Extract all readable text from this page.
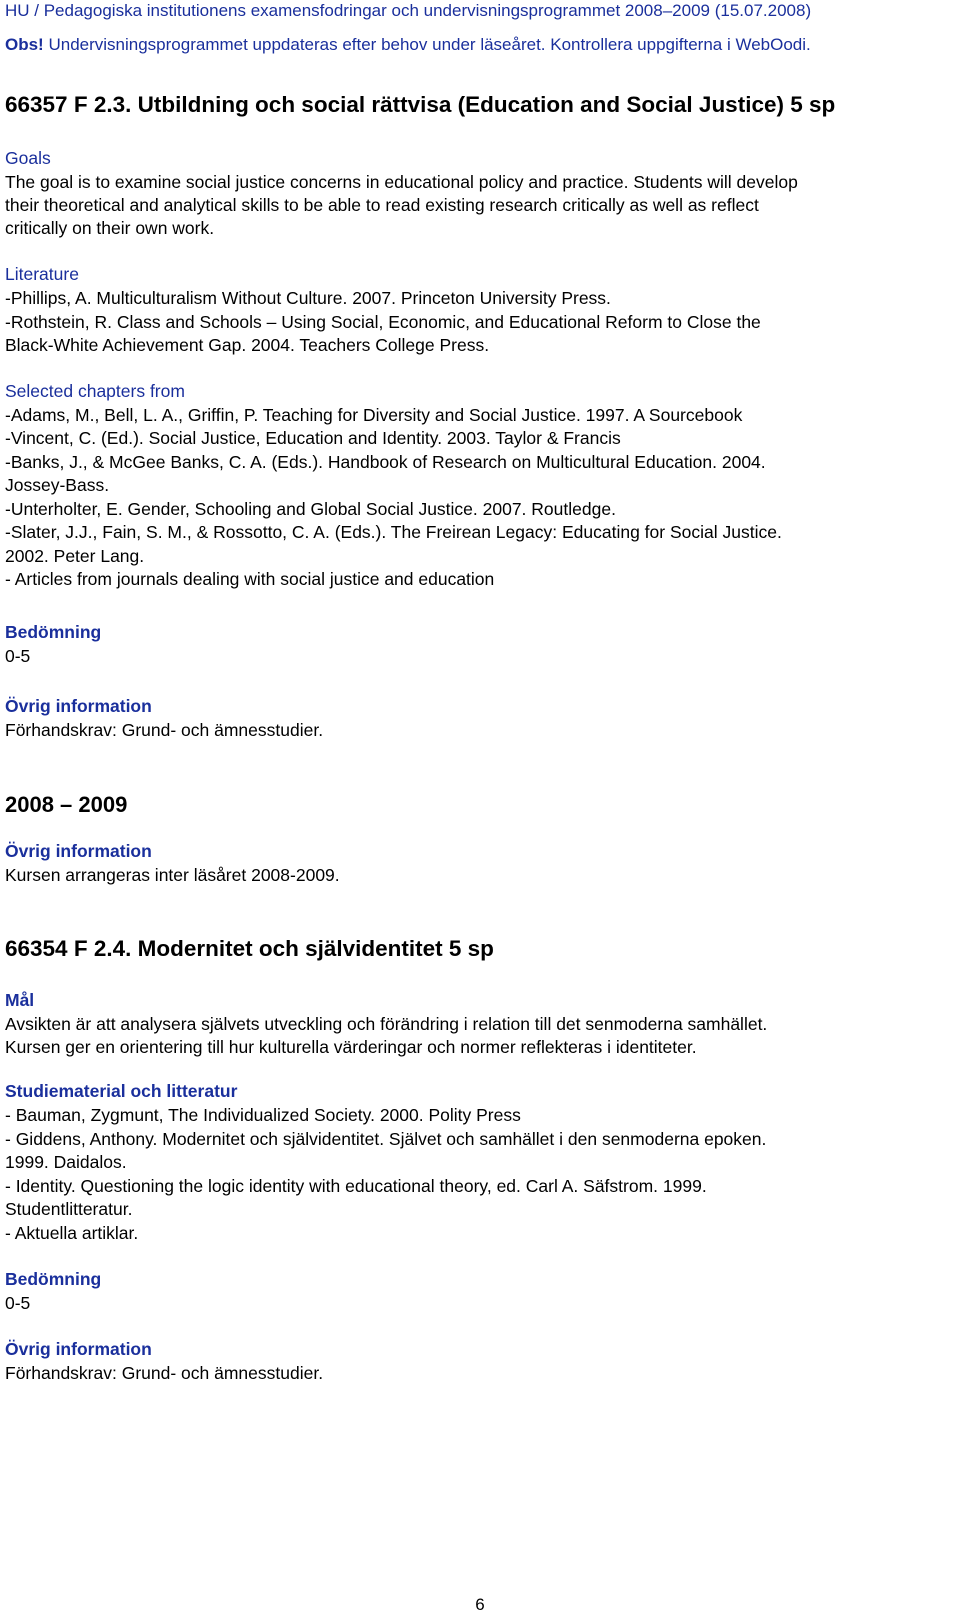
HU / Pedagogiska institutionens examensfodringar och undervisningsprogrammet 2008–2009 (15.07.2008)
Obs! Undervisningsprogrammet uppdateras efter behov under läseåret. Kontrollera uppgifterna i WebOodi.
66357 F 2.3. Utbildning och social rättvisa (Education and Social Justice) 5 sp
Goals
The goal is to examine social justice concerns in educational policy and practice. Students will develop
their theoretical and analytical skills to be able to read existing research critically as well as reflect
critically on their own work.
Literature
-Phillips, A. Multiculturalism Without Culture. 2007. Princeton University Press.
-Rothstein, R. Class and Schools – Using Social, Economic, and Educational Reform to Close the
Black-White Achievement Gap. 2004. Teachers College Press.
Selected chapters from
-Adams, M., Bell, L. A., Griffin, P. Teaching for Diversity and Social Justice. 1997. A Sourcebook
-Vincent, C. (Ed.). Social Justice, Education and Identity. 2003. Taylor & Francis
-Banks, J., & McGee Banks, C. A. (Eds.). Handbook of Research on Multicultural Education. 2004.
Jossey-Bass.
-Unterholter, E. Gender, Schooling and Global Social Justice. 2007. Routledge.
-Slater, J.J., Fain, S. M., & Rossotto, C. A. (Eds.). The Freirean Legacy: Educating for Social Justice.
2002. Peter Lang.
- Articles from journals dealing with social justice and education
Bedömning
0-5
Övrig information
Förhandskrav: Grund- och ämnesstudier.
2008 – 2009
Övrig information
Kursen arrangeras inter läsåret 2008-2009.
66354 F 2.4. Modernitet och självidentitet 5 sp
Mål
Avsikten är att analysera självets utveckling och förändring i relation till det senmoderna samhället.
Kursen ger en orientering till hur kulturella värderingar och normer reflekteras i identiteter.
Studiematerial och litteratur
- Bauman, Zygmunt, The Individualized Society. 2000. Polity Press
- Giddens, Anthony. Modernitet och självidentitet. Självet och samhället i den senmoderna epoken.
1999. Daidalos.
- Identity. Questioning the logic identity with educational theory, ed. Carl A. Säfstrom. 1999.
Studentlitteratur.
- Aktuella artiklar.
Bedömning
0-5
Övrig information
Förhandskrav: Grund- och ämnesstudier.
6
